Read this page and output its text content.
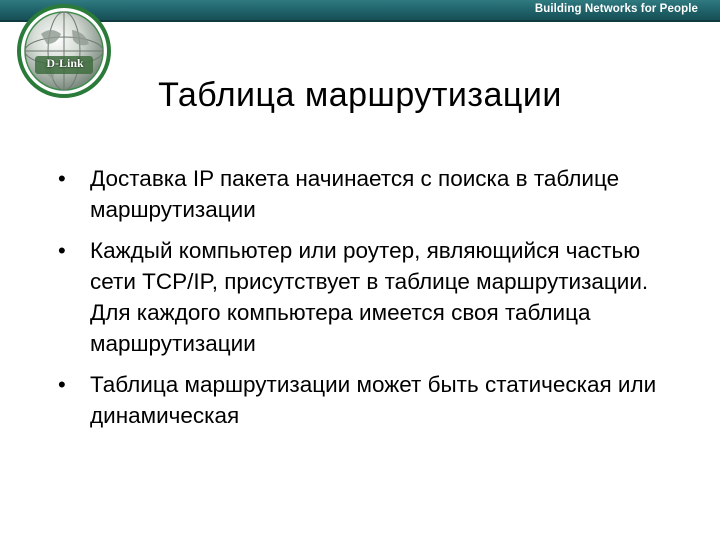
Building Networks for People
D-Link
Таблица маршрутизации
• Доставка IP пакета начинается с поиска в таблице маршрутизации
• Каждый компьютер или роутер, являющийся частью сети TCP/IP, присутствует в таблице маршрутизации. Для каждого компьютера имеется своя таблица маршрутизации
• Таблица маршрутизации может быть статическая или динамическая
